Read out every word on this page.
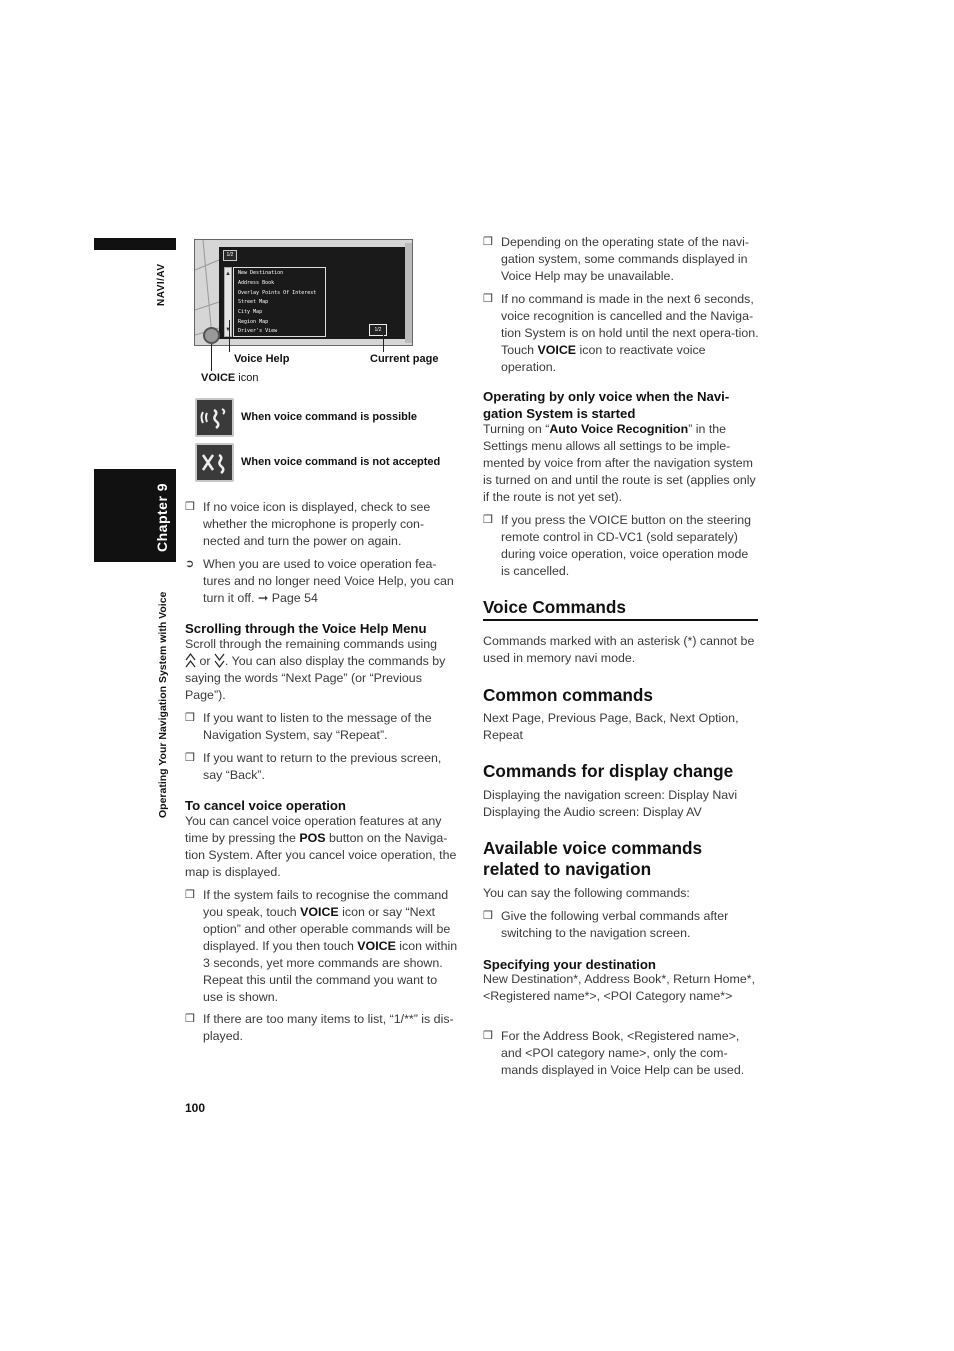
NAVI/AV
Chapter 9
Operating Your Navigation System with Voice
1/2
▲
▼
New Destination
Address Book
Overlay Points Of Interest
Street Map
City Map
Region Map
Driver's View	1/2
Voice Help	Current page
VOICE icon
When voice command is possible
When voice command is not accepted
❒ If no voice icon is displayed, check to see whether the microphone is properly con-nected and turn the power on again.
➲ When you are used to voice operation fea-tures and no longer need Voice Help, you can turn it off. ➞ Page 54
Scrolling through the Voice Help Menu
Scroll through the remaining commands using
or . You can also display the commands by saying the words “Next Page” (or “Previous Page”).
❒ If you want to listen to the message of the Navigation System, say “Repeat”.
❒ If you want to return to the previous screen, say “Back”.
To cancel voice operation
You can cancel voice operation features at any time by pressing the POS button on the Naviga-tion System. After you cancel voice operation, the map is displayed.
❒ If the system fails to recognise the command you speak, touch VOICE icon or say “Next option” and other operable commands will be displayed. If you then touch VOICE icon within 3 seconds, yet more commands are shown. Repeat this until the command you want to use is shown.
❒ If there are too many items to list, “1/**” is dis-played.
❒ Depending on the operating state of the navi-gation system, some commands displayed in Voice Help may be unavailable.
❒ If no command is made in the next 6 seconds, voice recognition is cancelled and the Naviga-tion System is on hold until the next opera-tion. Touch VOICE icon to reactivate voice operation.
Operating by only voice when the Navi-gation System is started
Turning on “Auto Voice Recognition” in the Settings menu allows all settings to be imple-mented by voice from after the navigation system is turned on and until the route is set (applies only if the route is not yet set).
❒ If you press the VOICE button on the steering remote control in CD-VC1 (sold separately) during voice operation, voice operation mode is cancelled.
Voice Commands
Commands marked with an asterisk (*) cannot be used in memory navi mode.
Common commands
Next Page, Previous Page, Back, Next Option, Repeat
Commands for display change
Displaying the navigation screen: Display Navi
Displaying the Audio screen: Display AV
Available voice commands related to navigation
You can say the following commands:
❒ Give the following verbal commands after switching to the navigation screen.
Specifying your destination
New Destination*, Address Book*, Return Home*, <Registered name*>, <POI Category name*>
❒ For the Address Book, <Registered name>, and <POI category name>, only the com-mands displayed in Voice Help can be used.
100
